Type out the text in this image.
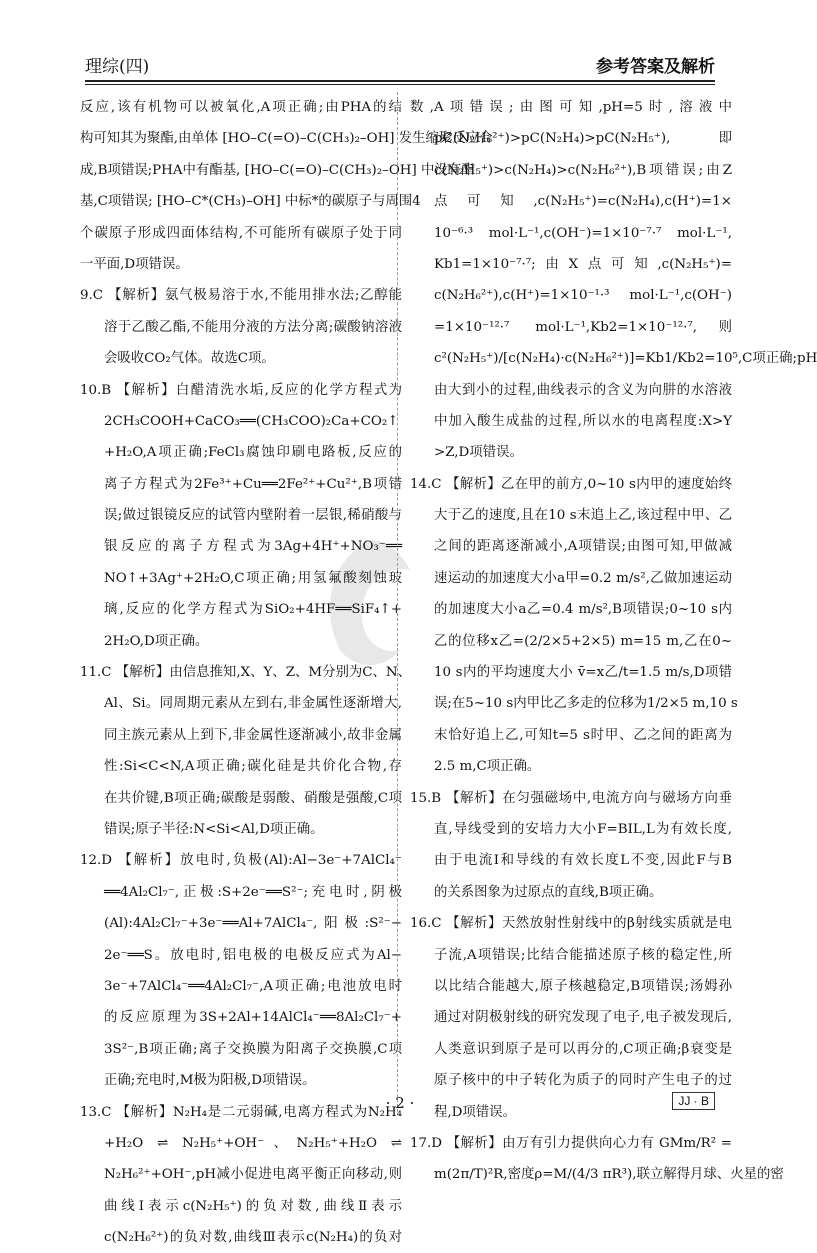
理综(四)	参考答案及解析
反应,该有机物可以被氧化,A项正确;由PHA的结
构可知其为聚酯,由单体 [HO–C(=O)–C(CH₃)₂–OH] 发生缩聚反应合
成,B项错误;PHA中有酯基, [HO–C(=O)–C(CH₃)₂–OH] 中没有酯
基,C项错误; [HO–C*(CH₃)–OH] 中标*的碳原子与周围4
个碳原子形成四面体结构,不可能所有碳原子处于同
一平面,D项错误。
9.C 【解析】氨气极易溶于水,不能用排水法;乙醇能
溶于乙酸乙酯,不能用分液的方法分离;碳酸钠溶液
会吸收CO₂气体。故选C项。
10.B 【解析】白醋清洗水垢,反应的化学方程式为
2CH₃COOH+CaCO₃══(CH₃COO)₂Ca+CO₂↑
+H₂O,A项正确;FeCl₃腐蚀印刷电路板,反应的
离子方程式为2Fe³⁺+Cu══2Fe²⁺+Cu²⁺,B项错
误;做过银镜反应的试管内壁附着一层银,稀硝酸与
银反应的离子方程式为3Ag+4H⁺+NO₃⁻══
NO↑+3Ag⁺+2H₂O,C项正确;用氢氟酸刻蚀玻
璃,反应的化学方程式为SiO₂+4HF══SiF₄↑+
2H₂O,D项正确。
11.C 【解析】由信息推知,X、Y、Z、M分别为C、N、
Al、Si。同周期元素从左到右,非金属性逐渐增大,
同主族元素从上到下,非金属性逐渐减小,故非金属
性:Si<C<N,A项正确;碳化硅是共价化合物,存
在共价键,B项正确;碳酸是弱酸、硝酸是强酸,C项
错误;原子半径:N<Si<Al,D项正确。
12.D 【解析】放电时,负极(Al):Al−3e⁻+7AlCl₄⁻
══4Al₂Cl₇⁻,正极:S+2e⁻══S²⁻;充电时,阴极
(Al):4Al₂Cl₇⁻+3e⁻══Al+7AlCl₄⁻,阳极:S²⁻−
2e⁻══S。放电时,铝电极的电极反应式为Al−
3e⁻+7AlCl₄⁻══4Al₂Cl₇⁻,A项正确;电池放电时
的反应原理为3S+2Al+14AlCl₄⁻══8Al₂Cl₇⁻+
3S²⁻,B项正确;离子交换膜为阳离子交换膜,C项
正确;充电时,M极为阳极,D项错误。
13.C 【解析】N₂H₄是二元弱碱,电离方程式为N₂H₄
+H₂O ⇌ N₂H₅⁺+OH⁻、N₂H₅⁺+H₂O ⇌
N₂H₆²⁺+OH⁻,pH减小促进电离平衡正向移动,则
曲线Ⅰ表示c(N₂H₅⁺)的负对数,曲线Ⅱ表示
c(N₂H₆²⁺)的负对数,曲线Ⅲ表示c(N₂H₄)的负对
数,A项错误;由图可知,pH=5时,溶液中
pC(N₂H₆²⁺)>pC(N₂H₄)>pC(N₂H₅⁺),即
c(N₂H₅⁺)>c(N₂H₄)>c(N₂H₆²⁺),B项错误;由Z
点可知,c(N₂H₅⁺)=c(N₂H₄),c(H⁺)=1×
10⁻⁶·³ mol·L⁻¹,c(OH⁻)=1×10⁻⁷·⁷ mol·L⁻¹,
Kb1=1×10⁻⁷·⁷;由X点可知,c(N₂H₅⁺)=
c(N₂H₆²⁺),c(H⁺)=1×10⁻¹·³ mol·L⁻¹,c(OH⁻)
=1×10⁻¹²·⁷ mol·L⁻¹,Kb2=1×10⁻¹²·⁷,则
c²(N₂H₅⁺)/[c(N₂H₄)·c(N₂H₆²⁺)]=Kb1/Kb2=10⁵,C项正确;pH
由大到小的过程,曲线表示的含义为向肼的水溶液
中加入酸生成盐的过程,所以水的电离程度:X>Y
>Z,D项错误。
14.C 【解析】乙在甲的前方,0~10 s内甲的速度始终
大于乙的速度,且在10 s末追上乙,该过程中甲、乙
之间的距离逐渐减小,A项错误;由图可知,甲做减
速运动的加速度大小a甲=0.2 m/s²,乙做加速运动
的加速度大小a乙=0.4 m/s²,B项错误;0~10 s内
乙的位移x乙=(2/2×5+2×5) m=15 m,乙在0~
10 s内的平均速度大小 v̄=x乙/t=1.5 m/s,D项错
误;在5~10 s内甲比乙多走的位移为1/2×5 m,10 s
末恰好追上乙,可知t=5 s时甲、乙之间的距离为
2.5 m,C项正确。
15.B 【解析】在匀强磁场中,电流方向与磁场方向垂
直,导线受到的安培力大小F=BIL,L为有效长度,
由于电流I和导线的有效长度L不变,因此F与B
的关系图象为过原点的直线,B项正确。
16.C 【解析】天然放射性射线中的β射线实质就是电
子流,A项错误;比结合能描述原子核的稳定性,所
以比结合能越大,原子核越稳定,B项错误;汤姆孙
通过对阴极射线的研究发现了电子,电子被发现后,
人类意识到原子是可以再分的,C项正确;β衰变是
原子核中的中子转化为质子的同时产生电子的过
程,D项错误。
17.D 【解析】由万有引力提供向心力有 GMm/R² =
m(2π/T)²R,密度ρ=M/(4/3 πR³),联立解得月球、火星的密
· 2 ·	JJ · B
